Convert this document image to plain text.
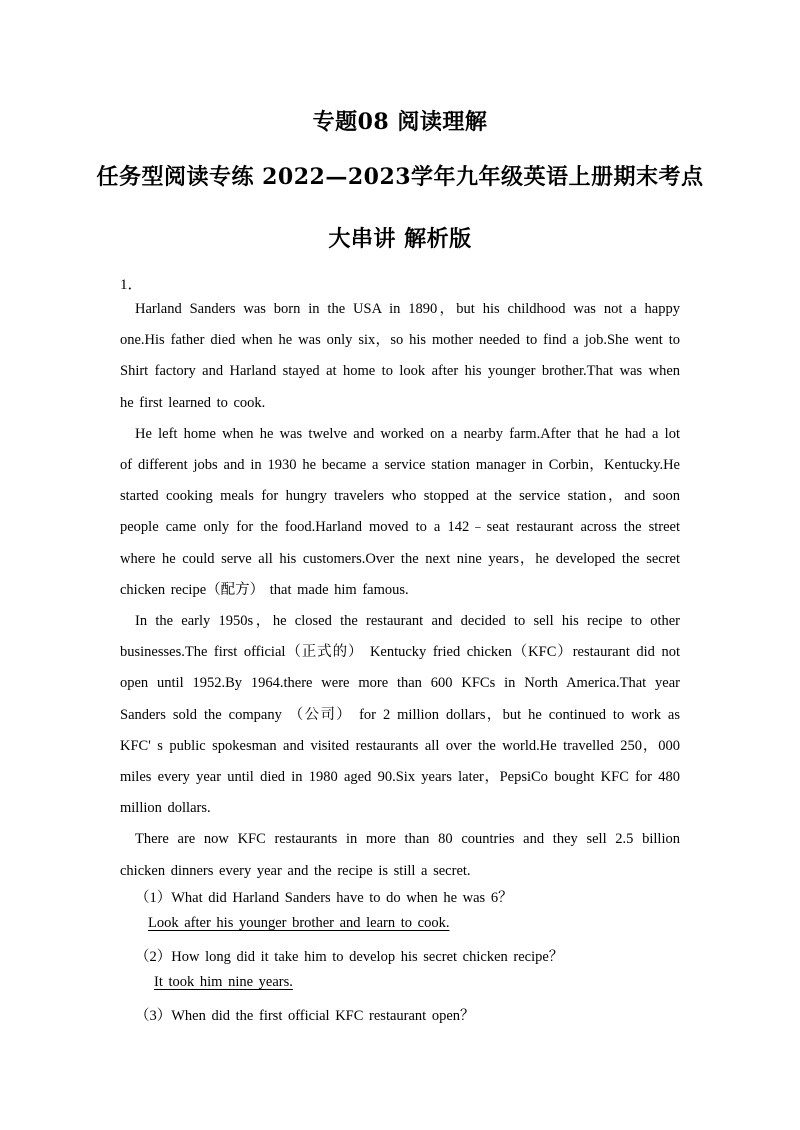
专题08 阅读理解
任务型阅读专练 2022—2023学年九年级英语上册期末考点
大串讲 解析版
1．

Harland Sanders was born in the USA in 1890，but his childhood was not a happy one.His father died when he was only six，so his mother needed to find a job.She went to Shirt factory and Harland stayed at home to look after his younger brother.That was when he first learned to cook.

He left home when he was twelve and worked on a nearby farm.After that he had a lot of different jobs and in 1930 he became a service station manager in Corbin，Kentucky.He started cooking meals for hungry travelers who stopped at the service station，and soon people came only for the food.Harland moved to a 142﹣seat restaurant across the street where he could serve all his customers.Over the next nine years，he developed the secret chicken recipe（配方） that made him famous.

In the early 1950s，he closed the restaurant and decided to sell his recipe to other businesses.The first official（正式的） Kentucky fried chicken（KFC）restaurant did not open until 1952.By 1964.there were more than 600 KFCs in North America.That year Sanders sold the company （公司） for 2 million dollars，but he continued to work as KFC' s public spokesman and visited restaurants all over the world.He travelled 250，000 miles every year until died in 1980 aged 90.Six years later，PepsiCo bought KFC for 480 million dollars.

There are now KFC restaurants in more than 80 countries and they sell 2.5 billion chicken dinners every year and the recipe is still a secret.

（1）What did Harland Sanders have to do when he was 6？
Look after his younger brother and learn to cook.
（2）How long did it take him to develop his secret chicken recipe？
It took him nine years.
（3）When did the first official KFC restaurant open？
